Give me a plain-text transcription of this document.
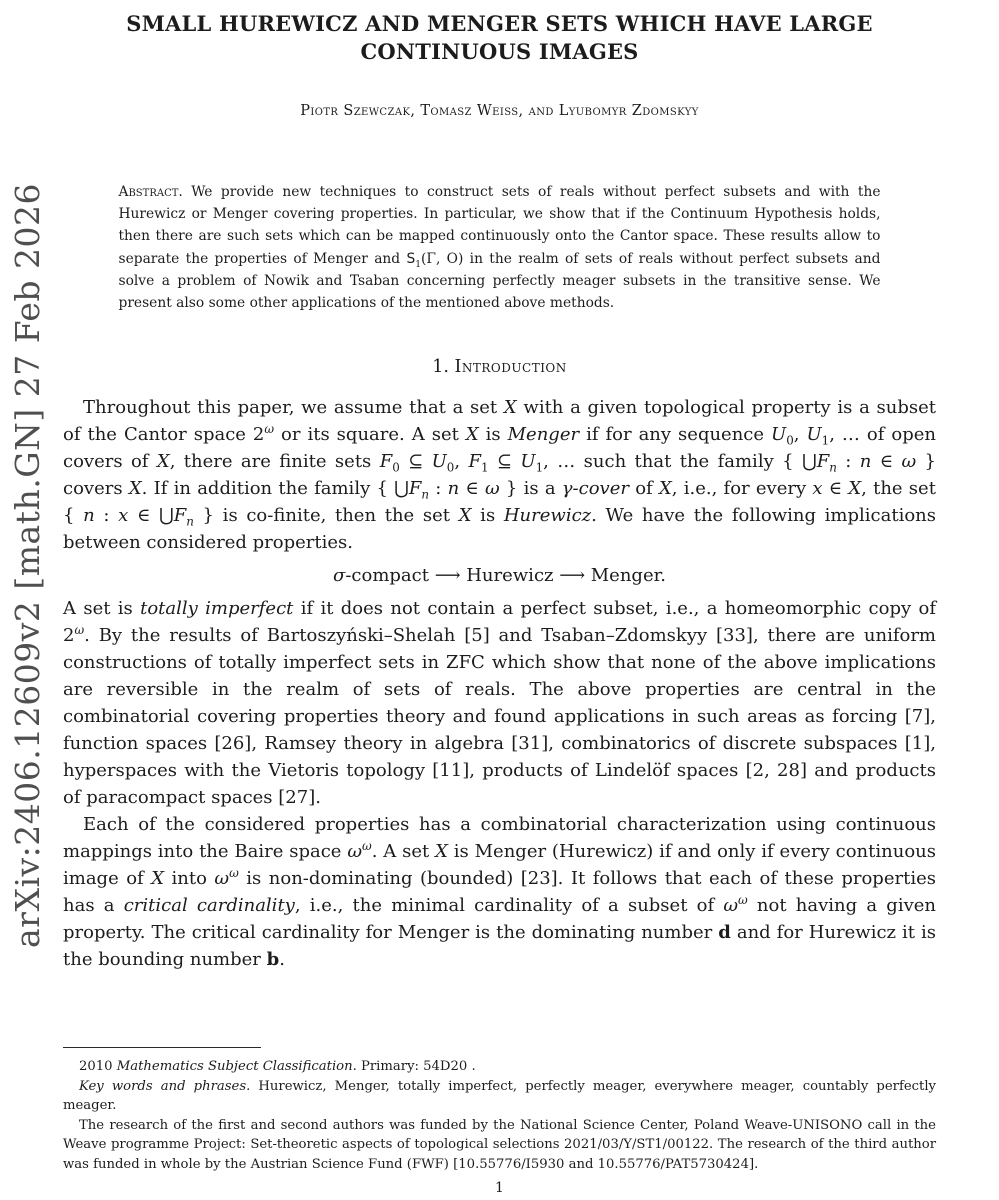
arXiv:2406.12609v2 [math.GN] 27 Feb 2026
SMALL HUREWICZ AND MENGER SETS WHICH HAVE LARGE CONTINUOUS IMAGES
Piotr Szewczak, Tomasz Weiss, and Lyubomyr Zdomskyy
Abstract. We provide new techniques to construct sets of reals without perfect subsets and with the Hurewicz or Menger covering properties. In particular, we show that if the Continuum Hypothesis holds, then there are such sets which can be mapped continuously onto the Cantor space. These results allow to separate the properties of Menger and $S_1(\Gamma$, O) in the realm of sets of reals without perfect subsets and solve a problem of Nowik and Tsaban concerning perfectly meager subsets in the transitive sense. We present also some other applications of the mentioned above methods.
1. Introduction

Throughout this paper, we assume that a set X with a given topological property is a subset of the Cantor space $2^\omega$ or its square. A set X is Menger if for any sequence $U_0$, $U_1$, … of open covers of X, there are finite sets $F_0$ ⊆ $U_0$, $F_1$ ⊆ $U_1$, … such that the family { $⋃F_n$ : n ∈ ω } covers X. If in addition the family { $⋃F_n$ : n ∈ ω } is a γ-cover of X, i.e., for every x ∈ X, the set { n : x ∈ $⋃F_n$ } is co-finite, then the set X is Hurewicz. We have the following implications between considered properties.

σ-compact ⟶ Hurewicz ⟶ Menger.

A set is totally imperfect if it does not contain a perfect subset, i.e., a homeomorphic copy of $2^\omega$. By the results of Bartoszyński–Shelah [5] and Tsaban–Zdomskyy [33], there are uniform constructions of totally imperfect sets in ZFC which show that none of the above implications are reversible in the realm of sets of reals. The above properties are central in the combinatorial covering properties theory and found applications in such areas as forcing [7], function spaces [26], Ramsey theory in algebra [31], combinatorics of discrete subspaces [1], hyperspaces with the Vietoris topology [11], products of Lindelöf spaces [2, 28] and products of paracompact spaces [27].

Each of the considered properties has a combinatorial characterization using continuous mappings into the Baire space $\omega^\omega$. A set X is Menger (Hurewicz) if and only if every continuous image of X into $\omega^\omega$ is non-dominating (bounded) [23]. It follows that each of these properties has a critical cardinality, i.e., the minimal cardinality of a subset of $\omega^\omega$ not having a given property. The critical cardinality for Menger is the dominating number d and for Hurewicz it is the bounding number b.

2010 Mathematics Subject Classification. Primary: 54D20 .

Key words and phrases. Hurewicz, Menger, totally imperfect, perfectly meager, everywhere meager, countably perfectly meager.

The research of the first and second authors was funded by the National Science Center, Poland Weave-UNISONO call in the Weave programme Project: Set-theoretic aspects of topological selections 2021/03/Y/ST1/00122. The research of the third author was funded in whole by the Austrian Science Fund (FWF) [10.55776/I5930 and 10.55776/PAT5730424].

1
